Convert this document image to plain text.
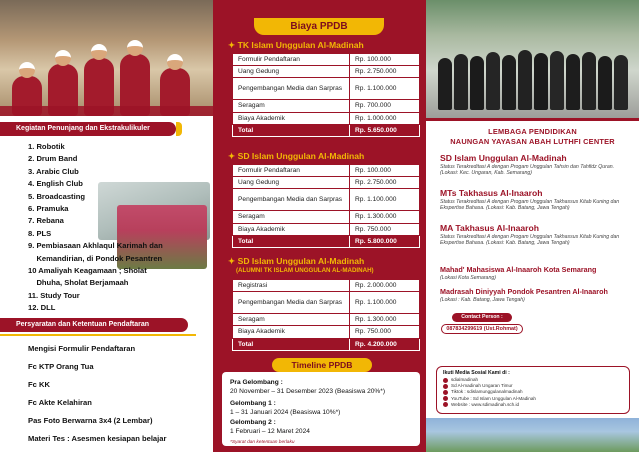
Kegiatan Penunjang dan Ekstrakulikuler
1. Robotik
2. Drum Band
3. Arabic Club
4. English Club
5. Broadcasting
6. Pramuka
7. Rebana
8. PLS
9. Pembiasaan Akhlaqul Karimah dan
Kemandirian, di Pondok Pesantren
10 Amaliyah Keagamaan ; Sholat
Dhuha, Sholat Berjamaah
11. Study Tour
12. DLL
Persyaratan dan Ketentuan Pendaftaran
Mengisi Formulir Pendaftaran
Fc KTP Orang Tua
Fc KK
Fc Akte Kelahiran
Pas Foto Berwarna 3x4 (2 Lembar)
Materi Tes : Asesmen kesiapan belajar
Biaya PPDB
✦ TK Islam Unggulan Al-Madinah
Formulir Pendaftaran	Rp. 100.000
Uang Gedung	Rp. 2.750.000
Pengembangan Media dan Sarpras	Rp. 1.100.000
Seragam	Rp. 700.000
Biaya Akademik	Rp. 1.000.000
Total	Rp. 5.650.000
✦ SD Islam Unggulan Al-Madinah
Formulir Pendaftaran	Rp. 100.000
Uang Gedung	Rp. 2.750.000
Pengembangan Media dan Sarpras	Rp. 1.100.000
Seragam	Rp. 1.300.000
Biaya Akademik	Rp. 750.000
Total	Rp. 5.800.000
✦ SD Islam Unggulan Al-Madinah
(ALUMNI TK ISLAM UNGGULAN AL-MADINAH)
Registrasi	Rp. 2.000.000
Pengembangan Media dan Sarpras	Rp. 1.100.000
Seragam	Rp. 1.300.000
Biaya Akademik	Rp. 750.000
Total	Rp. 4.200.000
Timeline PPDB
Pra Gelombang :
20 November – 31 Desember 2023 (Beasiswa 20%*)
Gelombang 1 :
1 – 31 Januari 2024 (Beasiswa 10%*)
Gelombang 2 :
1 Februari – 12 Maret 2024
*Syarat dan ketentuan berlaku
LEMBAGA PENDIDIKAN
NAUNGAN YAYASAN ABAH LUTHFI CENTER
SD Islam Unggulan Al-Madinah
Status Terakreditasi A dengan Progam Unggulan Tahsin dan Tahfidz Quran. (Lokasi: Kec. Ungaran, Kab. Semarang)
MTs Takhasus Al-Inaaroh
Status Terakreditasi A dengan Progam Unggulan Takhassus Kitab Kuning dan Ekspertise Bahasa. (Lokasi: Kab. Batang, Jawa Tengah)
MA Takhasus Al-Inaaroh
Status Terakreditasi A dengan Progam Unggulan Takhassus Kitab Kuning dan Ekspertise Bahasa. (Lokasi: Kab. Batang, Jawa Tengah)
Mahad' Mahasiswa Al-Inaaroh Kota Semarang
(Lokasi Kota Semarang)
Madrasah Diniyyah Pondok Pesantren Al-Inaaroh
(Lokasi : Kab. Batang, Jawa Tengah)
Contact Person :
087834299619 (Ust.Rohmat)
Ikuti Media Sosial Kami di :
sdialmadinah
Sd Al-madinah Ungaran Timur
Tiktok : sdislamunggulanalmadinah
YouTube : Sd Islam Unggulan Al-Madinah
Website : www.sdimadinah.sch.id
